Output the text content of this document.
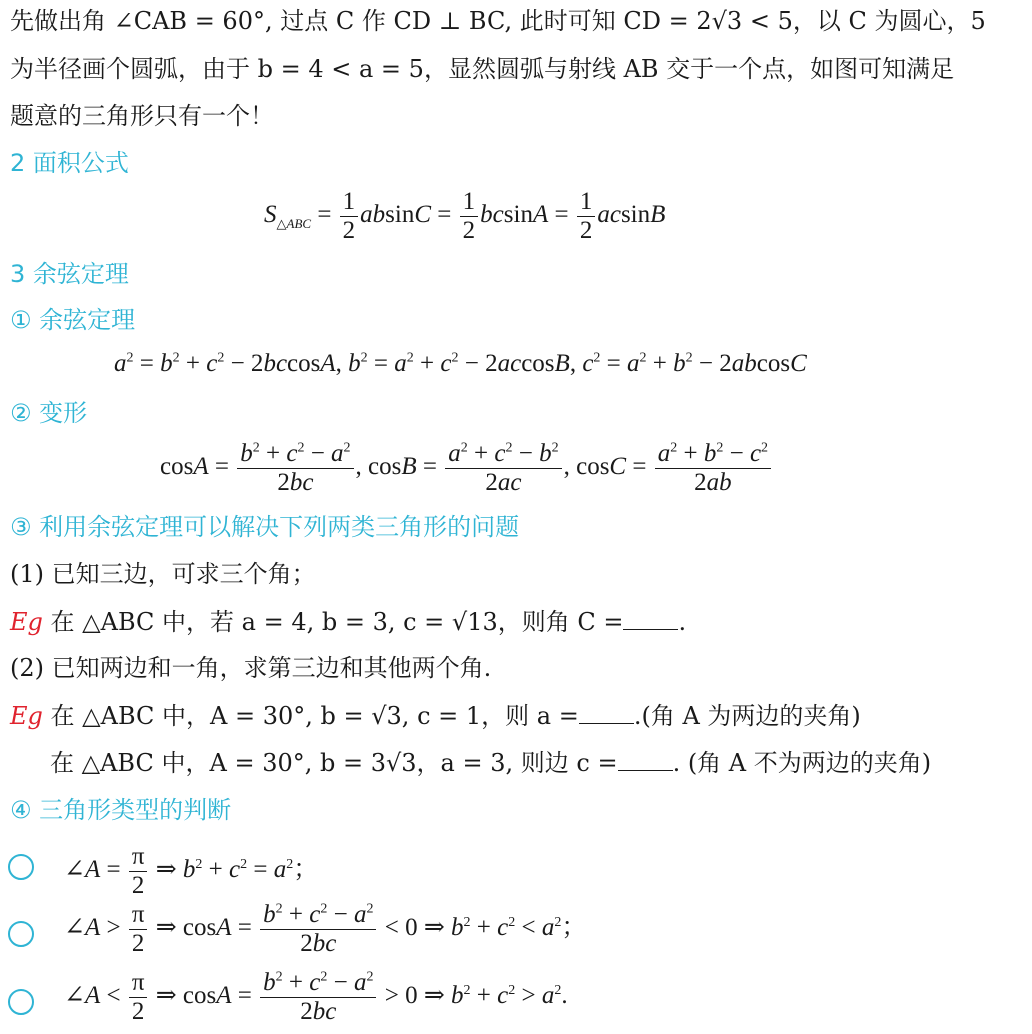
先做出角 ∠CAB = 60°, 过点 C 作 CD ⊥ BC, 此时可知 CD = 2√3 < 5，以 C 为圆心，5
为半径画个圆弧，由于 b = 4 < a = 5，显然圆弧与射线 AB 交于一个点，如图可知满足
题意的三角形只有一个！
2 面积公式
$S_{\triangle ABC} = \frac{1}{2}$ $absinC = \frac{1}{2}$ $bcsinA = \frac{1}{2}$ acsinB
3 余弦定理
① 余弦定理
$a^2 = b^2 + c^2 - 2bccosA$, $b^2 = a^2 + c^2 - 2accosB$, $c^2 = a^2 + b^2 - 2abcosC$
② 变形
$\cos A = \frac{b^2 + c^2 - a^2}{2bc}$ , $\cos B = \frac{a^2 + c^2 - b^2}{2ac}$ , $\cos C = \frac{a^2 + b^2 - c^2}{2ab}$
③ 利用余弦定理可以解决下列两类三角形的问题
(1) 已知三边，可求三个角；
Eg 在 △ABC 中，若 a = 4, b = 3, c = √13，则角 C = .
(2) 已知两边和一角，求第三边和其他两个角.
Eg 在 △ABC 中，A = 30°, b = √3, c = 1，则 a = .(角 A 为两边的夹角)
在 △ABC 中，A = 30°, b = 3√3，a = 3, 则边 c = . (角 A 不为两边的夹角)
④ 三角形类型的判断
∠A = $\frac{\pi}{2}$ ⇒ $b^2 + c^2 = a^2$；
∠A > $\frac{\pi}{2}$ ⇒ $\cos A = \frac{b^2 + c^2 - a^2}{2bc} < 0$ ⇒ $b^2 + c^2 < a^2$；
∠A < $\frac{\pi}{2}$ ⇒ $\cos A = \frac{b^2 + c^2 - a^2}{2bc} > 0$ ⇒ $b^2 + c^2 > a^2$.
